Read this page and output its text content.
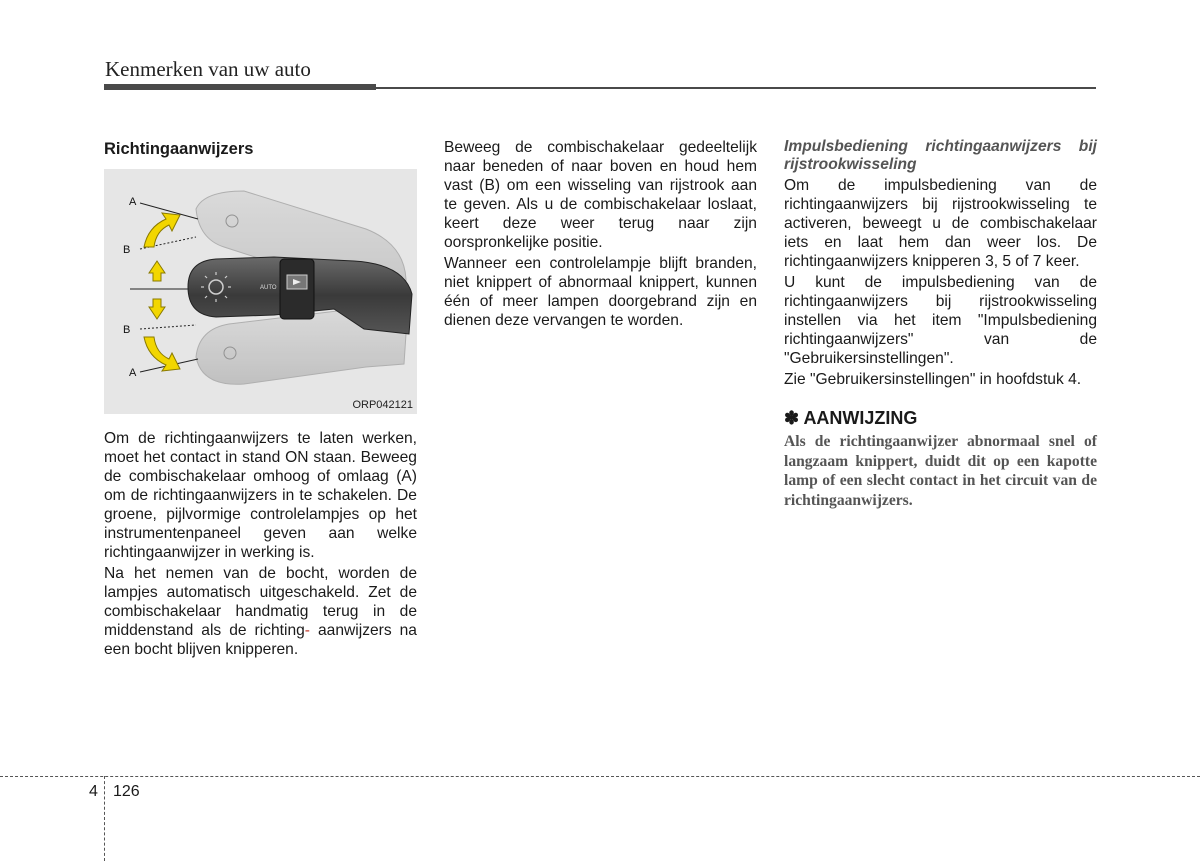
Kenmerken van uw auto
Richtingaanwijzers
AUTO
A
B
B
A
ORP042121

Om de richtingaanwijzers te laten werken, moet het contact in stand ON staan. Beweeg de combischakelaar omhoog of omlaag (A) om de richtingaanwijzers in te schakelen. De groene, pijlvormige controlelampjes op het instrumentenpaneel geven aan welke richtingaanwijzer in werking is.

Na het nemen van de bocht, worden de lampjes automatisch uitgeschakeld. Zet de combischakelaar handmatig terug in de middenstand als de richting- aanwijzers na een bocht blijven knipperen.

Beweeg de combischakelaar gedeeltelijk naar beneden of naar boven en houd hem vast (B) om een wisseling van rijstrook aan te geven. Als u de combischakelaar loslaat, keert deze weer terug naar zijn oorspronkelijke positie.

Wanneer een controlelampje blijft branden, niet knippert of abnormaal knippert, kunnen één of meer lampen doorgebrand zijn en dienen deze vervangen te worden.

Impulsbediening richtingaanwijzers bij rijstrookwisseling

Om de impulsbediening van de richtingaanwijzers bij rijstrookwisseling te activeren, beweegt u de combischakelaar iets en laat hem dan weer los. De richtingaanwijzers knipperen 3, 5 of 7 keer.

U kunt de impulsbediening van de richtingaanwijzers bij rijstrookwisseling instellen via het item "Impulsbediening richtingaanwijzers" van de "Gebruikersinstellingen".

Zie "Gebruikersinstellingen" in hoofdstuk 4.

✽ AANWIJZING
Als de richtingaanwijzer abnormaal snel of langzaam knippert, duidt dit op een kapotte lamp of een slecht contact in het circuit van de richtingaanwijzers.
4 126
